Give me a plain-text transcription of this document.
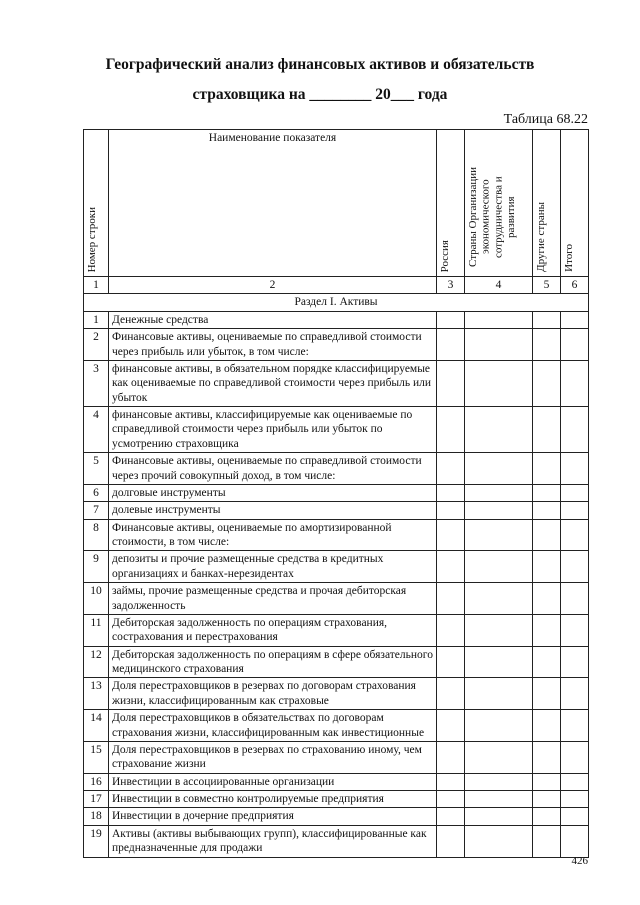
Географический анализ финансовых активов и обязательств
страховщика на ________ 20___ года
Таблица 68.22
Номер строки	Наименование показателя	Россия	Страны Организации экономического сотрудничества и развития	Другие страны	Итого

1	2	3	4	5	6
Раздел I. Активы					
1	Денежные средства				
2	Финансовые активы, оцениваемые по справедливой стоимости через прибыль или убыток, в том числе:				
3	финансовые активы, в обязательном порядке классифицируемые как оцениваемые по справедливой стоимости через прибыль или убыток				
4	финансовые активы, классифицируемые как оцениваемые по справедливой стоимости через прибыль или убыток по усмотрению страховщика				
5	Финансовые активы, оцениваемые по справедливой стоимости через прочий совокупный доход, в том числе:				
6	долговые инструменты				
7	долевые инструменты				
8	Финансовые активы, оцениваемые по амортизированной стоимости, в том числе:				
9	депозиты и прочие размещенные средства в кредитных организациях и банках-нерезидентах				
10	займы, прочие размещенные средства и прочая дебиторская задолженность				
11	Дебиторская задолженность по операциям страхования, сострахования и перестрахования				
12	Дебиторская задолженность по операциям в сфере обязательного медицинского страхования				
13	Доля перестраховщиков в резервах по договорам страхования жизни, классифицированным как страховые				
14	Доля перестраховщиков в обязательствах по договорам страхования жизни, классифицированным как инвестиционные				
15	Доля перестраховщиков в резервах по страхованию иному, чем страхование жизни				
16	Инвестиции в ассоциированные организации				
17	Инвестиции в совместно контролируемые предприятия				
18	Инвестиции в дочерние предприятия				
19	Активы (активы выбывающих групп), классифицированные как предназначенные для продажи				
426
